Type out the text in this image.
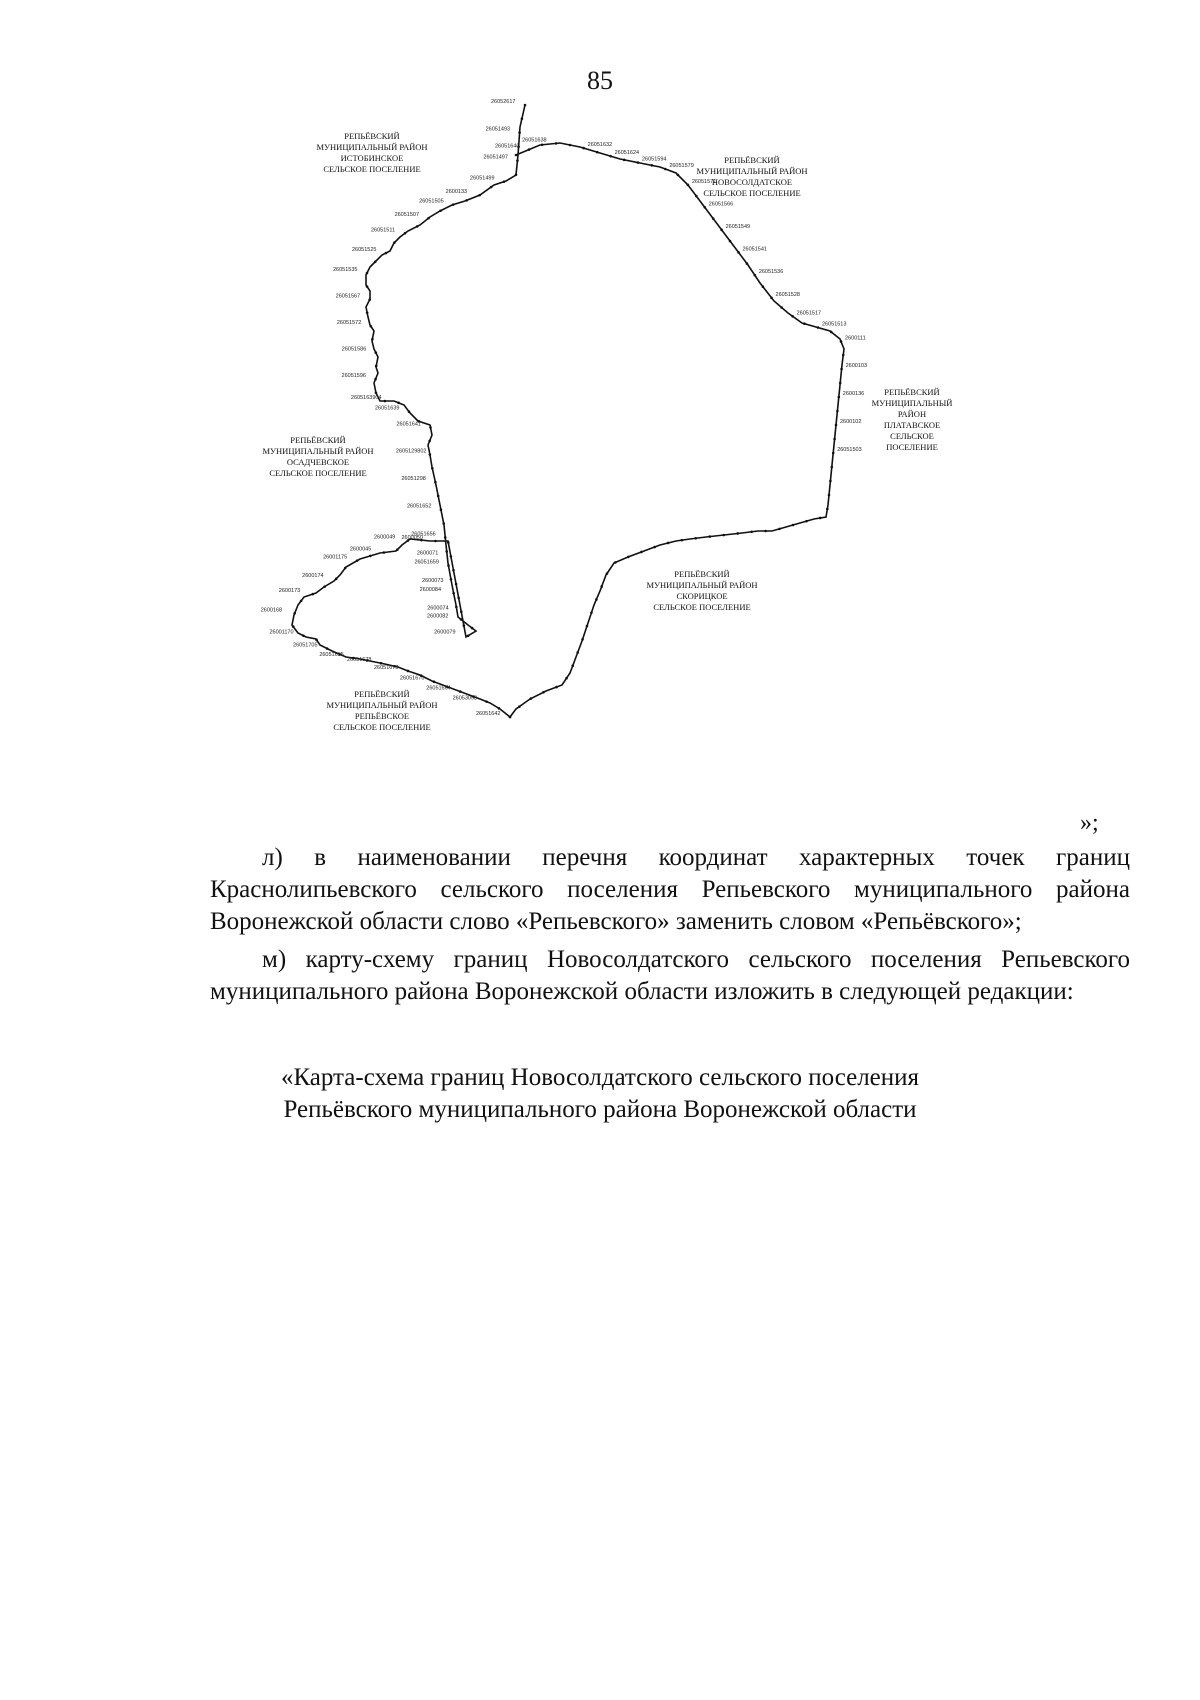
85
26052617
26051493
26051497
26051499
2600133
26051505
26051507
26051511
26051525
26051535
26051567
26051572
26051586
26051596
2605163904
26051639
26051641
2605129802
26051298
26051652
26051656
26051659
2600084
2600082
2600079
2600074
2600073
2600071
2600050
2600049
2600045
26001175
2600174
2600173
2600168
26001170
26051705
26051695
26051678
26051673
26051670
26051664
26053058
26051642
26051640
26051638
26051632
26051624
26051594
26051579
26051571
26051566
26051549
26051541
26051536
26051528
26051517
26051513
2600111
2600103
2600136
2600102
26051503
РЕПЬЁВСКИЙ
МУНИЦИПАЛЬНЫЙ РАЙОН
ИСТОБИНСКОЕ
СЕЛЬСКОЕ ПОСЕЛЕНИЕ
РЕПЬЁВСКИЙ
МУНИЦИПАЛЬНЫЙ РАЙОН
НОВОСОЛДАТСКОЕ
СЕЛЬСКОЕ ПОСЕЛЕНИЕ
РЕПЬЁВСКИЙ
МУНИЦИПАЛЬНЫЙ
РАЙОН
ПЛАТАВСКОЕ
СЕЛЬСКОЕ
ПОСЕЛЕНИЕ
РЕПЬЁВСКИЙ
МУНИЦИПАЛЬНЫЙ РАЙОН
ОСАДЧЕВСКОЕ
СЕЛЬСКОЕ ПОСЕЛЕНИЕ
РЕПЬЁВСКИЙ
МУНИЦИПАЛЬНЫЙ РАЙОН
СКОРИЦКОЕ
СЕЛЬСКОЕ ПОСЕЛЕНИЕ
РЕПЬЁВСКИЙ
МУНИЦИПАЛЬНЫЙ РАЙОН
РЕПЬЁВСКОЕ
СЕЛЬСКОЕ ПОСЕЛЕНИЕ
»;

л) в наименовании перечня координат характерных точек границ Краснолипьевского сельского поселения Репьевского муниципального района Воронежской области слово «Репьевского» заменить словом «Репьёвского»;

м) карту-схему границ Новосолдатского сельского поселения Репьевского муниципального района Воронежской области изложить в следующей редакции:

«Карта-схема границ Новосолдатского сельского поселения
Репьёвского муниципального района Воронежской области
